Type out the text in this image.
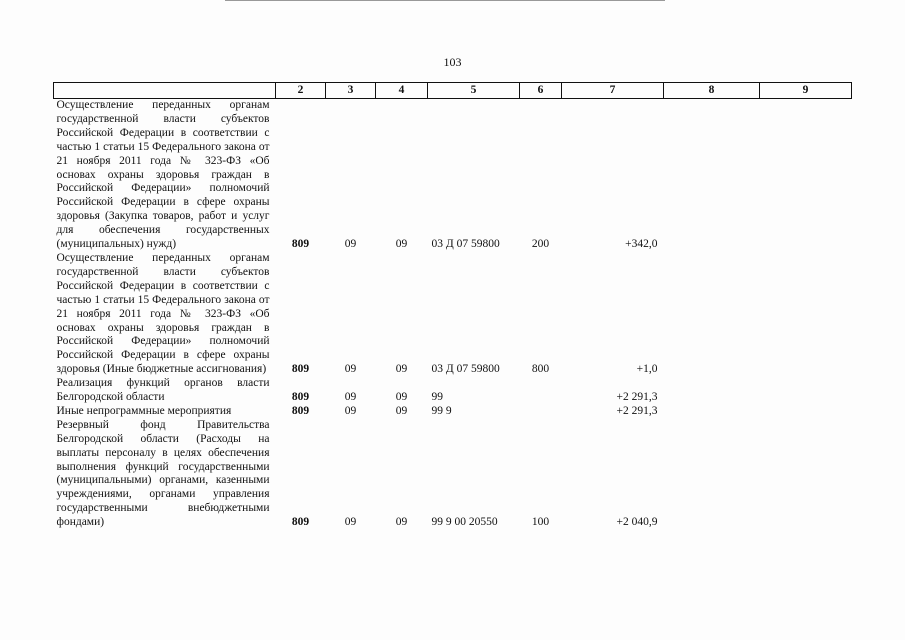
103
	2	3	4	5	6	7	8	9
Осуществление переданных органам государственной власти субъектов Российской Федерации в соответствии с частью 1 статьи 15 Федерального закона от 21 ноября 2011 года № 323-ФЗ «Об основах охраны здоровья граждан в Российской Федерации» полномочий Российской Федерации в сфере охраны здоровья (Закупка товаров, работ и услуг для обеспечения государственных (муниципальных) нужд)	809	09	09	03 Д 07 59800	200	+342,0		
Осуществление переданных органам государственной власти субъектов Российской Федерации в соответствии с частью 1 статьи 15 Федерального закона от 21 ноября 2011 года № 323-ФЗ «Об основах охраны здоровья граждан в Российской Федерации» полномочий Российской Федерации в сфере охраны здоровья (Иные бюджетные ассигнования)	809	09	09	03 Д 07 59800	800	+1,0		
Реализация функций органов власти Белгородской области	809	09	09	99		+2 291,3		
Иные непрограммные мероприятия	809	09	09	99 9		+2 291,3		
Резервный фонд Правительства Белгородской области (Расходы на выплаты персоналу в целях обеспечения выполнения функций государственными (муниципальными) органами, казенными учреждениями, органами управления государственными внебюджетными фондами)	809	09	09	99 9 00 20550	100	+2 040,9		
